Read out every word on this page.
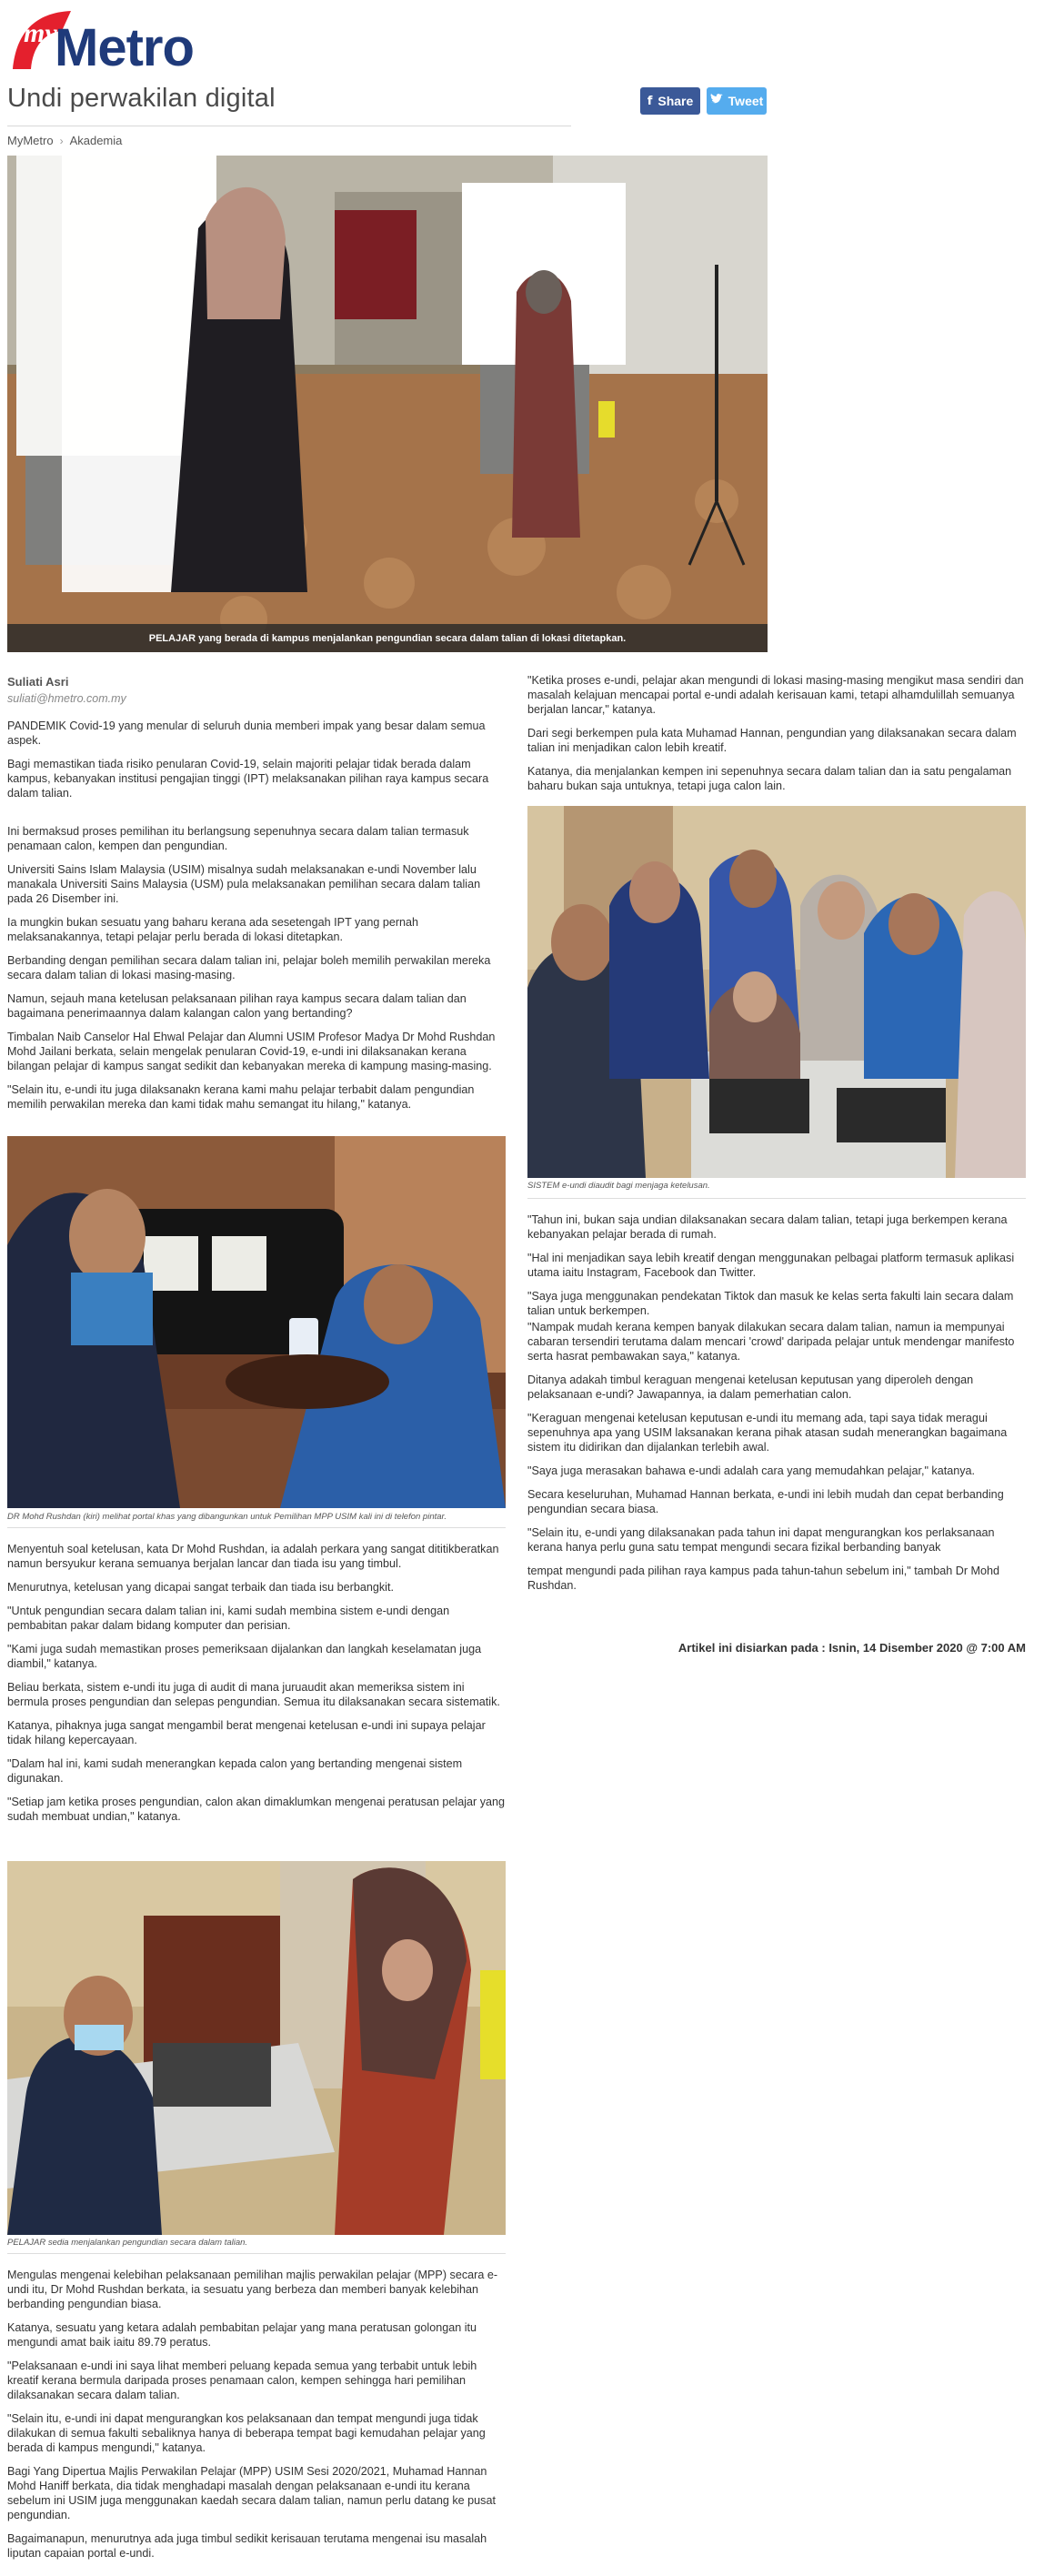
my
Metro
Undi perwakilan digital	f Share	Tweet
MyMetro › Akademia
PELAJAR yang berada di kampus menjalankan pengundian secara dalam talian di lokasi ditetapkan.
Suliati Asri
suliati@hmetro.com.my

PANDEMIK Covid-19 yang menular di seluruh dunia memberi impak yang besar dalam semua aspek.

Bagi memastikan tiada risiko penularan Covid-19, selain majoriti pelajar tidak berada dalam kampus, kebanyakan institusi pengajian tinggi (IPT) melaksanakan pilihan raya kampus secara dalam talian.

Ini bermaksud proses pemilihan itu berlangsung sepenuhnya secara dalam talian termasuk penamaan calon, kempen dan pengundian.

Universiti Sains Islam Malaysia (USIM) misalnya sudah melaksanakan e-undi November lalu manakala Universiti Sains Malaysia (USM) pula melaksanakan pemilihan secara dalam talian pada 26 Disember ini.

Ia mungkin bukan sesuatu yang baharu kerana ada sesetengah IPT yang pernah melaksanakannya, tetapi pelajar perlu berada di lokasi ditetapkan.

Berbanding dengan pemilihan secara dalam talian ini, pelajar boleh memilih perwakilan mereka secara dalam talian di lokasi masing-masing.

Namun, sejauh mana ketelusan pelaksanaan pilihan raya kampus secara dalam talian dan bagaimana penerimaannya dalam kalangan calon yang bertanding?

Timbalan Naib Canselor Hal Ehwal Pelajar dan Alumni USIM Profesor Madya Dr Mohd Rushdan Mohd Jailani berkata, selain mengelak penularan Covid-19, e-undi ini dilaksanakan kerana bilangan pelajar di kampus sangat sedikit dan kebanyakan mereka di kampung masing-masing.

"Selain itu, e-undi itu juga dilaksanakn kerana kami mahu pelajar terbabit dalam pengundian memilih perwakilan mereka dan kami tidak mahu semangat itu hilang," katanya.

DR Mohd Rushdan (kiri) melihat portal khas yang dibangunkan untuk Pemilihan MPP USIM kali ini di telefon pintar.

Menyentuh soal ketelusan, kata Dr Mohd Rushdan, ia adalah perkara yang sangat dititikberatkan namun bersyukur kerana semuanya berjalan lancar dan tiada isu yang timbul.

Menurutnya, ketelusan yang dicapai sangat terbaik dan tiada isu berbangkit.

"Untuk pengundian secara dalam talian ini, kami sudah membina sistem e-undi dengan pembabitan pakar dalam bidang komputer dan perisian.

"Kami juga sudah memastikan proses pemeriksaan dijalankan dan langkah keselamatan juga diambil," katanya.

Beliau berkata, sistem e-undi itu juga di audit di mana juruaudit akan memeriksa sistem ini bermula proses pengundian dan selepas pengundian. Semua itu dilaksanakan secara sistematik.

Katanya, pihaknya juga sangat mengambil berat mengenai ketelusan e-undi ini supaya pelajar tidak hilang kepercayaan.

"Dalam hal ini, kami sudah menerangkan kepada calon yang bertanding mengenai sistem digunakan.

"Setiap jam ketika proses pengundian, calon akan dimaklumkan mengenai peratusan pelajar yang sudah membuat undian," katanya.

PELAJAR sedia menjalankan pengundian secara dalam talian.

Mengulas mengenai kelebihan pelaksanaan pemilihan majlis perwakilan pelajar (MPP) secara e-undi itu, Dr Mohd Rushdan berkata, ia sesuatu yang berbeza dan memberi banyak kelebihan berbanding pengundian biasa.

Katanya, sesuatu yang ketara adalah pembabitan pelajar yang mana peratusan golongan itu mengundi amat baik iaitu 89.79 peratus.

"Pelaksanaan e-undi ini saya lihat memberi peluang kepada semua yang terbabit untuk lebih kreatif kerana bermula daripada proses penamaan calon, kempen sehingga hari pemilihan dilaksanakan secara dalam talian.

"Selain itu, e-undi ini dapat mengurangkan kos pelaksanaan dan tempat mengundi juga tidak dilakukan di semua fakulti sebaliknya hanya di beberapa tempat bagi kemudahan pelajar yang berada di kampus mengundi," katanya.

Bagi Yang Dipertua Majlis Perwakilan Pelajar (MPP) USIM Sesi 2020/2021, Muhamad Hannan Mohd Haniff berkata, dia tidak menghadapi masalah dengan pelaksanaan e-undi itu kerana sebelum ini USIM juga menggunakan kaedah secara dalam talian, namun perlu datang ke pusat pengundian.

Bagaimanapun, menurutnya ada juga timbul sedikit kerisauan terutama mengenai isu masalah liputan capaian portal e-undi.

"Ketika proses e-undi, pelajar akan mengundi di lokasi masing-masing mengikut masa sendiri dan masalah kelajuan mencapai portal e-undi adalah kerisauan kami, tetapi alhamdulillah semuanya berjalan lancar," katanya.

Dari segi berkempen pula kata Muhamad Hannan, pengundian yang dilaksanakan secara dalam talian ini menjadikan calon lebih kreatif.

Katanya, dia menjalankan kempen ini sepenuhnya secara dalam talian dan ia satu pengalaman baharu bukan saja untuknya, tetapi juga calon lain.

SISTEM e-undi diaudit bagi menjaga ketelusan.

"Tahun ini, bukan saja undian dilaksanakan secara dalam talian, tetapi juga berkempen kerana kebanyakan pelajar berada di rumah.

"Hal ini menjadikan saya lebih kreatif dengan menggunakan pelbagai platform termasuk aplikasi utama iaitu Instagram, Facebook dan Twitter.

"Saya juga menggunakan pendekatan Tiktok dan masuk ke kelas serta fakulti lain secara dalam talian untuk berkempen.

"Nampak mudah kerana kempen banyak dilakukan secara dalam talian, namun ia mempunyai cabaran tersendiri terutama dalam mencari 'crowd' daripada pelajar untuk mendengar manifesto serta hasrat pembawakan saya," katanya.

Ditanya adakah timbul keraguan mengenai ketelusan keputusan yang diperoleh dengan pelaksanaan e-undi? Jawapannya, ia dalam pemerhatian calon.

"Keraguan mengenai ketelusan keputusan e-undi itu memang ada, tapi saya tidak meragui sepenuhnya apa yang USIM laksanakan kerana pihak atasan sudah menerangkan bagaimana sistem itu didirikan dan dijalankan terlebih awal.

"Saya juga merasakan bahawa e-undi adalah cara yang memudahkan pelajar," katanya.

Secara keseluruhan, Muhamad Hannan berkata, e-undi ini lebih mudah dan cepat berbanding pengundian secara biasa.

"Selain itu, e-undi yang dilaksanakan pada tahun ini dapat mengurangkan kos perlaksanaan kerana hanya perlu guna satu tempat mengundi secara fizikal berbanding banyak

tempat mengundi pada pilihan raya kampus pada tahun-tahun sebelum ini," tambah Dr Mohd Rushdan.

Artikel ini disiarkan pada : Isnin, 14 Disember 2020 @ 7:00 AM
